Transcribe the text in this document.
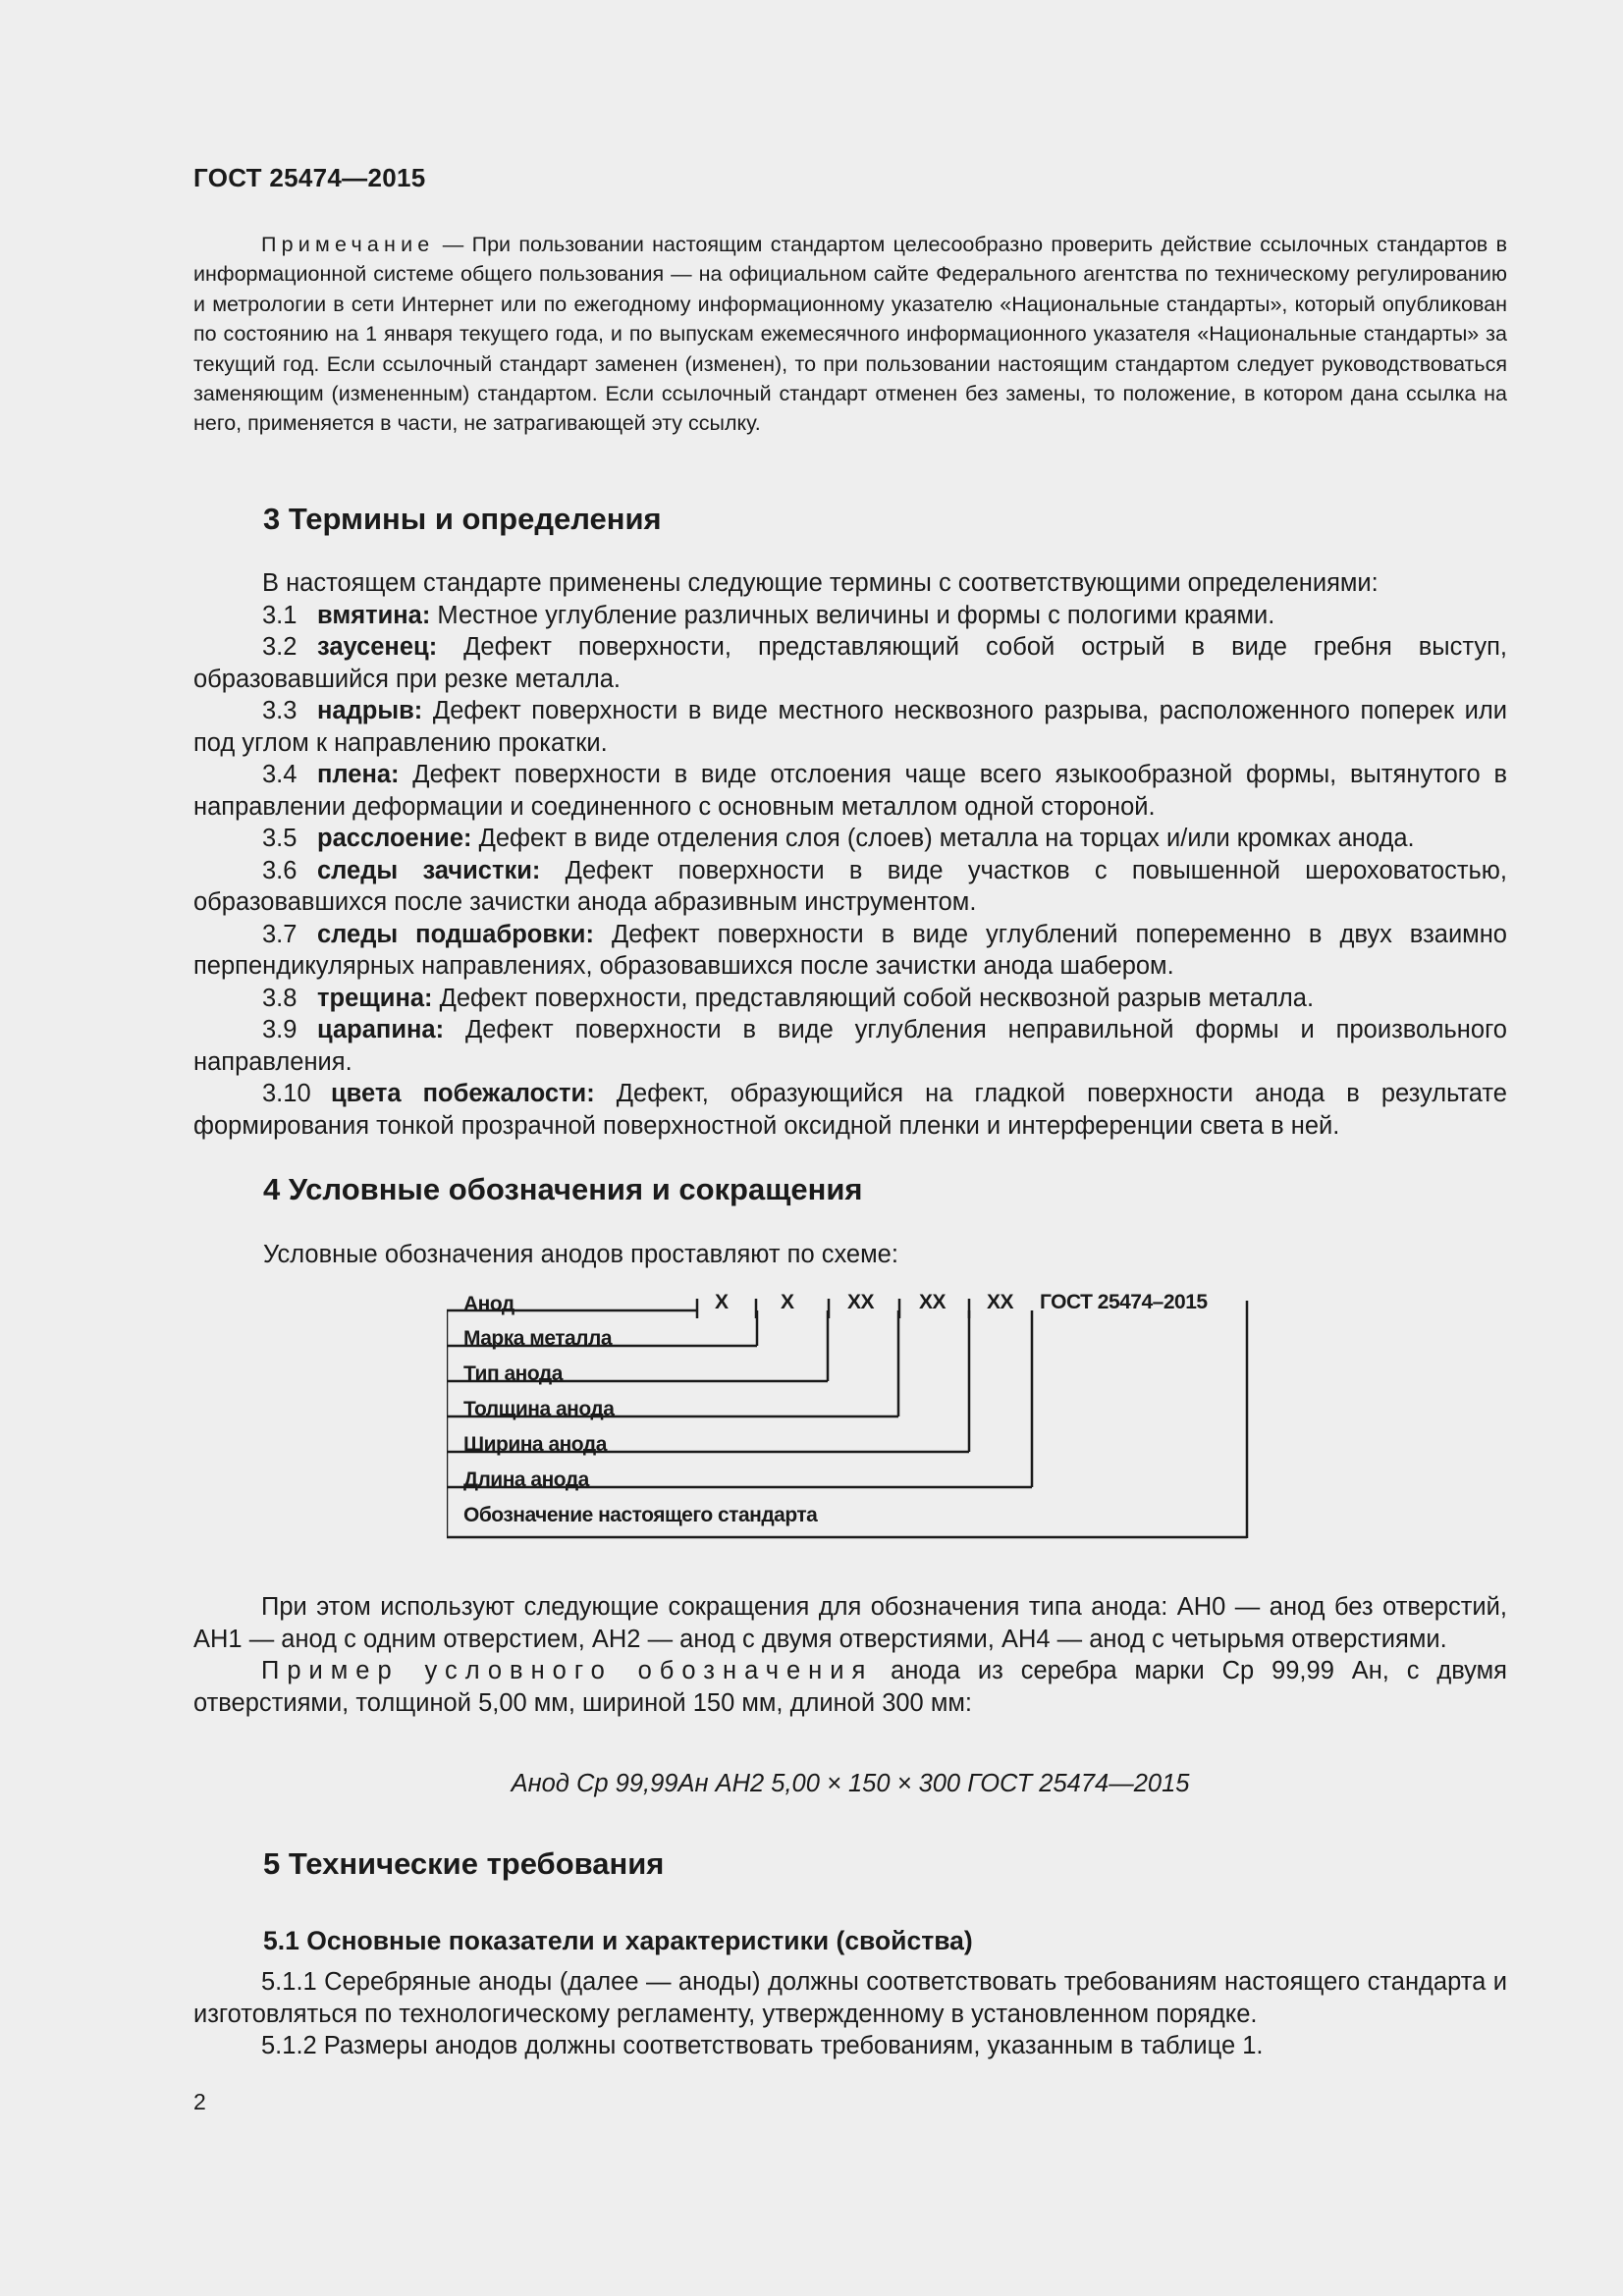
ГОСТ 25474—2015

Примечание — При пользовании настоящим стандартом целесообразно проверить действие ссылочных стандартов в информационной системе общего пользования — на официальном сайте Федерального агентства по техническому регулированию и метрологии в сети Интернет или по ежегодному информационному указателю «Национальные стандарты», который опубликован по состоянию на 1 января текущего года, и по выпускам ежемесячного информационного указателя «Национальные стандарты» за текущий год. Если ссылочный стандарт заменен (изменен), то при пользовании настоящим стандартом следует руководствоваться заменяющим (измененным) стандартом. Если ссылочный стандарт отменен без замены, то положение, в котором дана ссылка на него, применяется в части, не затрагивающей эту ссылку.

3 Термины и определения

В настоящем стандарте применены следующие термины с соответствующими определениями:

3.1 вмятина: Местное углубление различных величины и формы с пологими краями.

3.2 заусенец: Дефект поверхности, представляющий собой острый в виде гребня выступ, образовавшийся при резке металла.

3.3 надрыв: Дефект поверхности в виде местного несквозного разрыва, расположенного поперек или под углом к направлению прокатки.

3.4 плена: Дефект поверхности в виде отслоения чаще всего языкообразной формы, вытянутого в направлении деформации и соединенного с основным металлом одной стороной.

3.5 расслоение: Дефект в виде отделения слоя (слоев) металла на торцах и/или кромках анода.

3.6 следы зачистки: Дефект поверхности в виде участков с повышенной шероховатостью, образовавшихся после зачистки анода абразивным инструментом.

3.7 следы подшабровки: Дефект поверхности в виде углублений попеременно в двух взаимно перпендикулярных направлениях, образовавшихся после зачистки анода шабером.

3.8 трещина: Дефект поверхности, представляющий собой несквозной разрыв металла.

3.9 царапина: Дефект поверхности в виде углубления неправильной формы и произвольного направления.

3.10 цвета побежалости: Дефект, образующийся на гладкой поверхности анода в результате формирования тонкой прозрачной поверхностной оксидной пленки и интерференции света в ней.

4 Условные обозначения и сокращения
Условные обозначения анодов проставляют по схеме:
Анод	X	X	XX XX XX ГОСТ 25474–2015
Марка металла
Тип анода
Толщина анода
Ширина анода
Длина анода
Обозначение настоящего стандарта

При этом используют следующие сокращения для обозначения типа анода: АН0 — анод без отверстий, АН1 — анод с одним отверстием, АН2 — анод с двумя отверстиями, АН4 — анод с четырьмя отверстиями.

Пример условного обозначения анода из серебра марки Ср 99,99 Ан, с двумя отверстиями, толщиной 5,00 мм, шириной 150 мм, длиной 300 мм:

Анод Ср 99,99Ан АН2 5,00 × 150 × 300 ГОСТ 25474—2015
5 Технические требования
5.1 Основные показатели и характеристики (свойства)

5.1.1 Серебряные аноды (далее — аноды) должны соответствовать требованиям настоящего стандарта и изготовляться по технологическому регламенту, утвержденному в установленном порядке.

5.1.2 Размеры анодов должны соответствовать требованиям, указанным в таблице 1.

2
